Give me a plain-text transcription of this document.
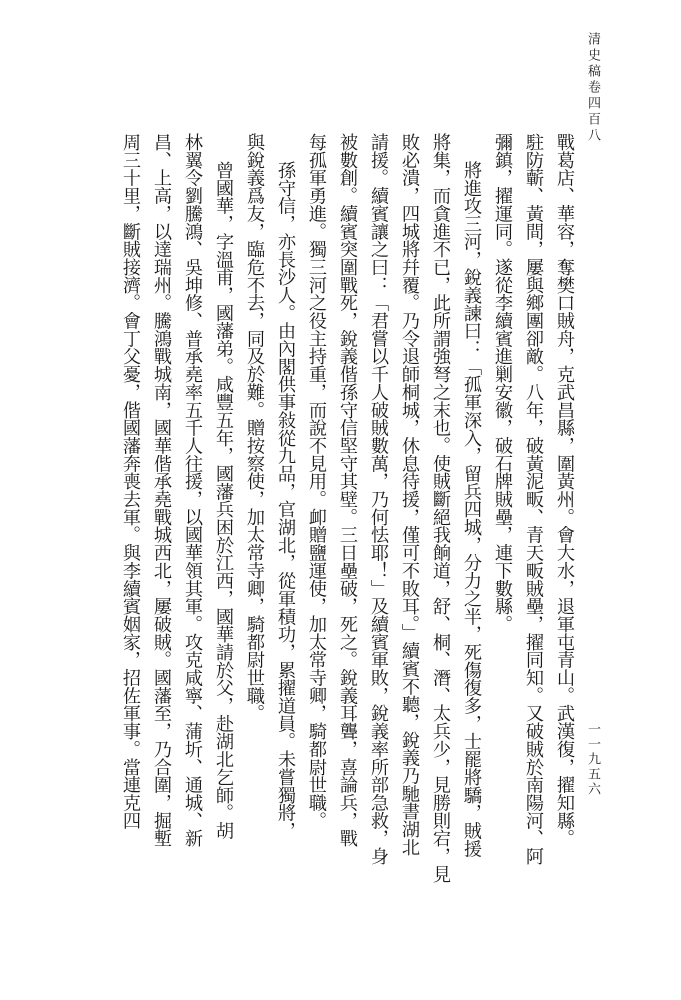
清史稿卷四百八
一一九五六
戰葛店、華容，奪樊口賊舟，克武昌縣，圍黃州。會大水，退軍屯青山。武漢復，擢知縣。
駐防蘄、黃間，屢與鄉團卻敵。八年，破黃泥畈、青天畈賊壘，擢同知。又破賊於南陽河、阿
彌鎮，擢運同。遂從李續賓進剿安徽，破石牌賊壘，連下數縣。
將進攻三河，銳義諫曰：「孤軍深入，留兵四城，分力之半，死傷復多，士罷將驕，賊援
將集，而貪進不已，此所謂強弩之末也。使賊斷絕我餉道，舒、桐、潛、太兵少，見勝則宕，見
敗必潰，四城將幷覆。乃令退師桐城，休息待援，僅可不敗耳。」續賓不聽，銳義乃馳書湖北
請援。續賓讓之曰：「君嘗以千人破賊數萬，乃何怯耶！」及續賓軍敗，銳義率所部急救，身
被數創。續賓突圍戰死，銳義偕孫守信堅守其壁。三日壘破，死之。銳義耳聾，喜論兵，戰
每孤軍勇進。獨三河之役主持重，而說不見用。卹贈鹽運使，加太常寺卿，騎都尉世職。
孫守信，亦長沙人。由內閣供事敍從九品，官湖北，從軍積功，累擢道員。未嘗獨將，
與銳義爲友，臨危不去，同及於難。贈按察使，加太常寺卿，騎都尉世職。
曾國華，字溫甫，國藩弟。咸豐五年，國藩兵困於江西，國華請於父，赴湖北乞師。胡
林翼令劉騰鴻、吳坤修、普承堯率五千人往援，以國華領其軍。攻克咸寧、蒲圻、通城、新
昌、上高，以達瑞州。騰鴻戰城南，國華偕承堯戰城西北，屢破賊。國藩至，乃合圍，掘塹
周三十里，斷賊接濟。會丁父憂，偕國藩奔喪去軍。與李續賓姻家，招佐軍事。當連克四
